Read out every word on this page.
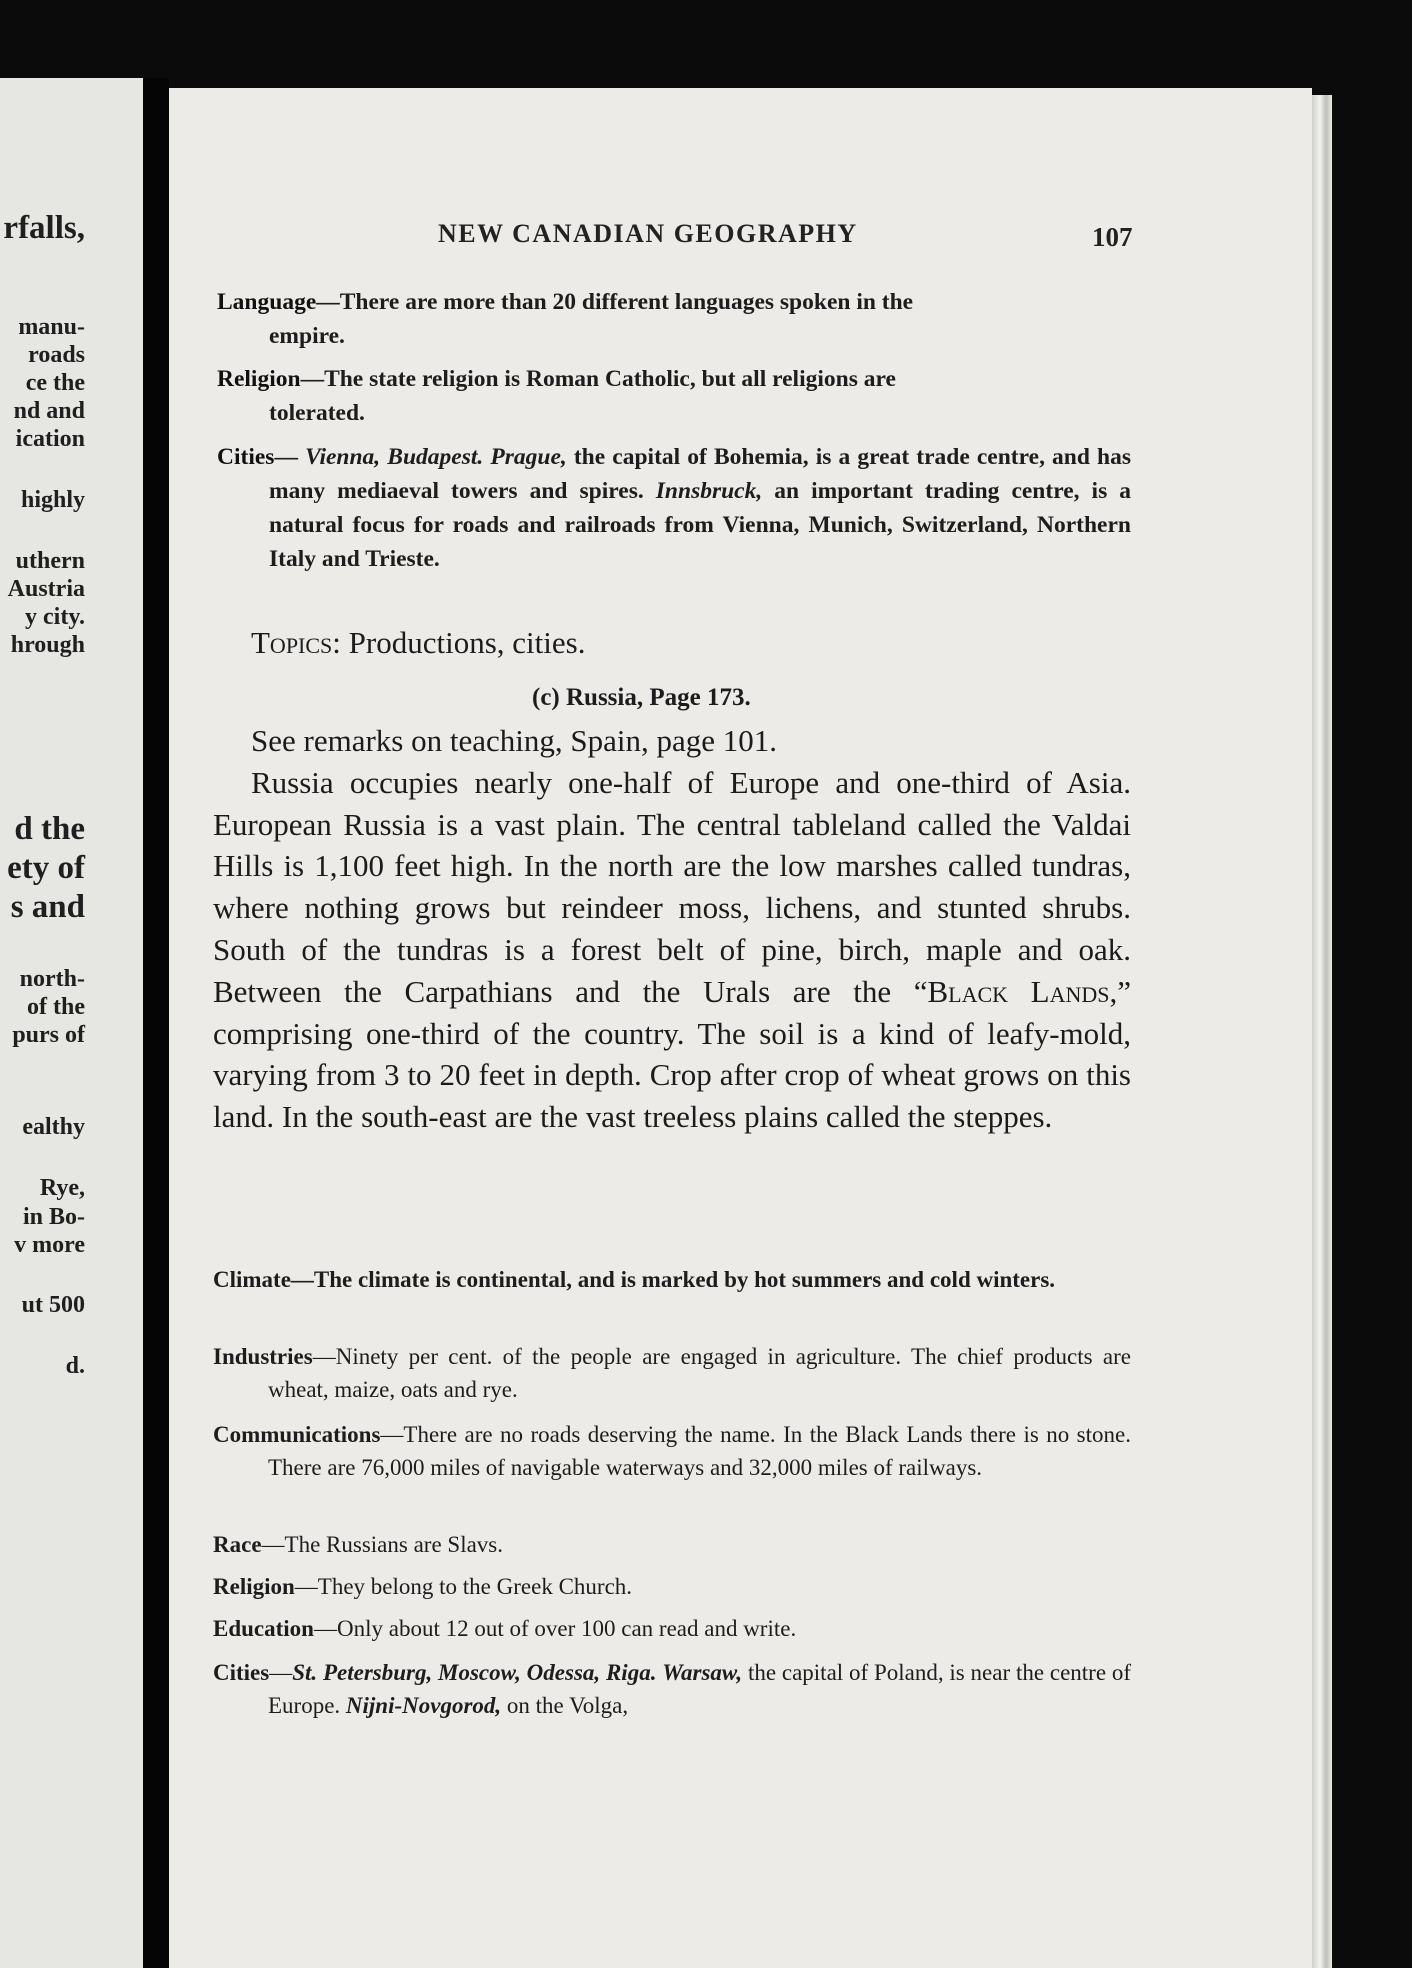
rfalls,
manu-
roads
ce the
nd and
ication
highly
uthern
Austria
y city.
hrough
d the
ety of
s and
north-
of the
purs of
ealthy
Rye,
in Bo-
v more
ut 500
d.
NEW CANADIAN GEOGRAPHY	107
Language—There are more than 20 different languages spoken in the
empire.
Religion—The state religion is Roman Catholic, but all religions are
tolerated.
Cities— Vienna, Budapest. Prague, the capital of Bohemia, is a great trade centre, and has many mediaeval towers and spires. Innsbruck, an important trading centre, is a natural focus for roads and railroads from Vienna, Munich, Switzerland, Northern Italy and Trieste.
Topics: Productions, cities.
(c) Russia, Page 173.

See remarks on teaching, Spain, page 101.

Russia occupies nearly one-half of Europe and one-third of Asia. European Russia is a vast plain. The central tableland called the Valdai Hills is 1,100 feet high. In the north are the low marshes called tundras, where nothing grows but reindeer moss, lichens, and stunted shrubs. South of the tundras is a forest belt of pine, birch, maple and oak. Between the Carpathians and the Urals are the “Black Lands,” comprising one-third of the country. The soil is a kind of leafy-mold, varying from 3 to 20 feet in depth. Crop after crop of wheat grows on this land. In the south-east are the vast treeless plains called the steppes.

Climate—The climate is continental, and is marked by hot summers and cold winters.
Industries—Ninety per cent. of the people are engaged in agriculture. The chief products are wheat, maize, oats and rye.
Communications—There are no roads deserving the name. In the Black Lands there is no stone. There are 76,000 miles of navigable waterways and 32,000 miles of railways.
Race—The Russians are Slavs.
Religion—They belong to the Greek Church.
Education—Only about 12 out of over 100 can read and write.
Cities—St. Petersburg, Moscow, Odessa, Riga. Warsaw, the capital of Poland, is near the centre of Europe. Nijni-Novgorod, on the Volga,
